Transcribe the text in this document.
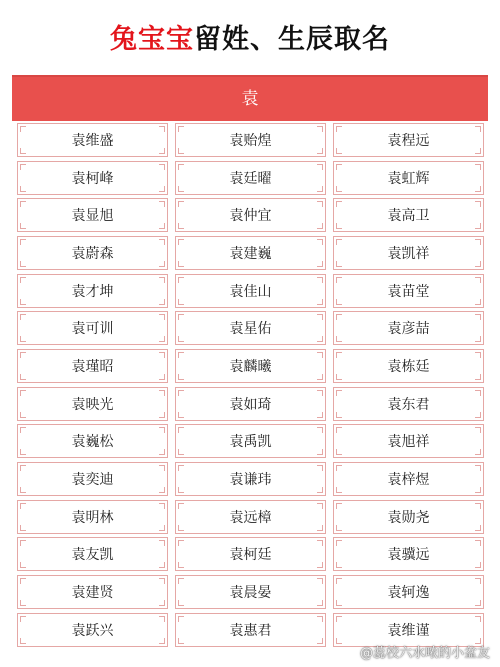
兔宝宝留姓、生辰取名
袁
袁维盛	袁贻煌	袁程远
袁柯峰	袁廷曜	袁虹辉
袁显旭	袁仲宜	袁高卫
袁蔚森	袁建巍	袁凯祥
袁才坤	袁佳山	袁苗堂
袁可训	袁星佑	袁彦喆
袁瑾昭	袁麟曦	袁栋廷
袁映光	袁如琦	袁东君
袁巍松	袁禹凯	袁旭祥
袁奕迪	袁谦玮	袁梓煜
袁明林	袁远樟	袁勋尧
袁友凯	袁柯廷	袁骥远
袁建贤	袁晨晏	袁轲逸
袁跃兴	袁惠君	袁维谨
@蕊校六水哝的小盆友
